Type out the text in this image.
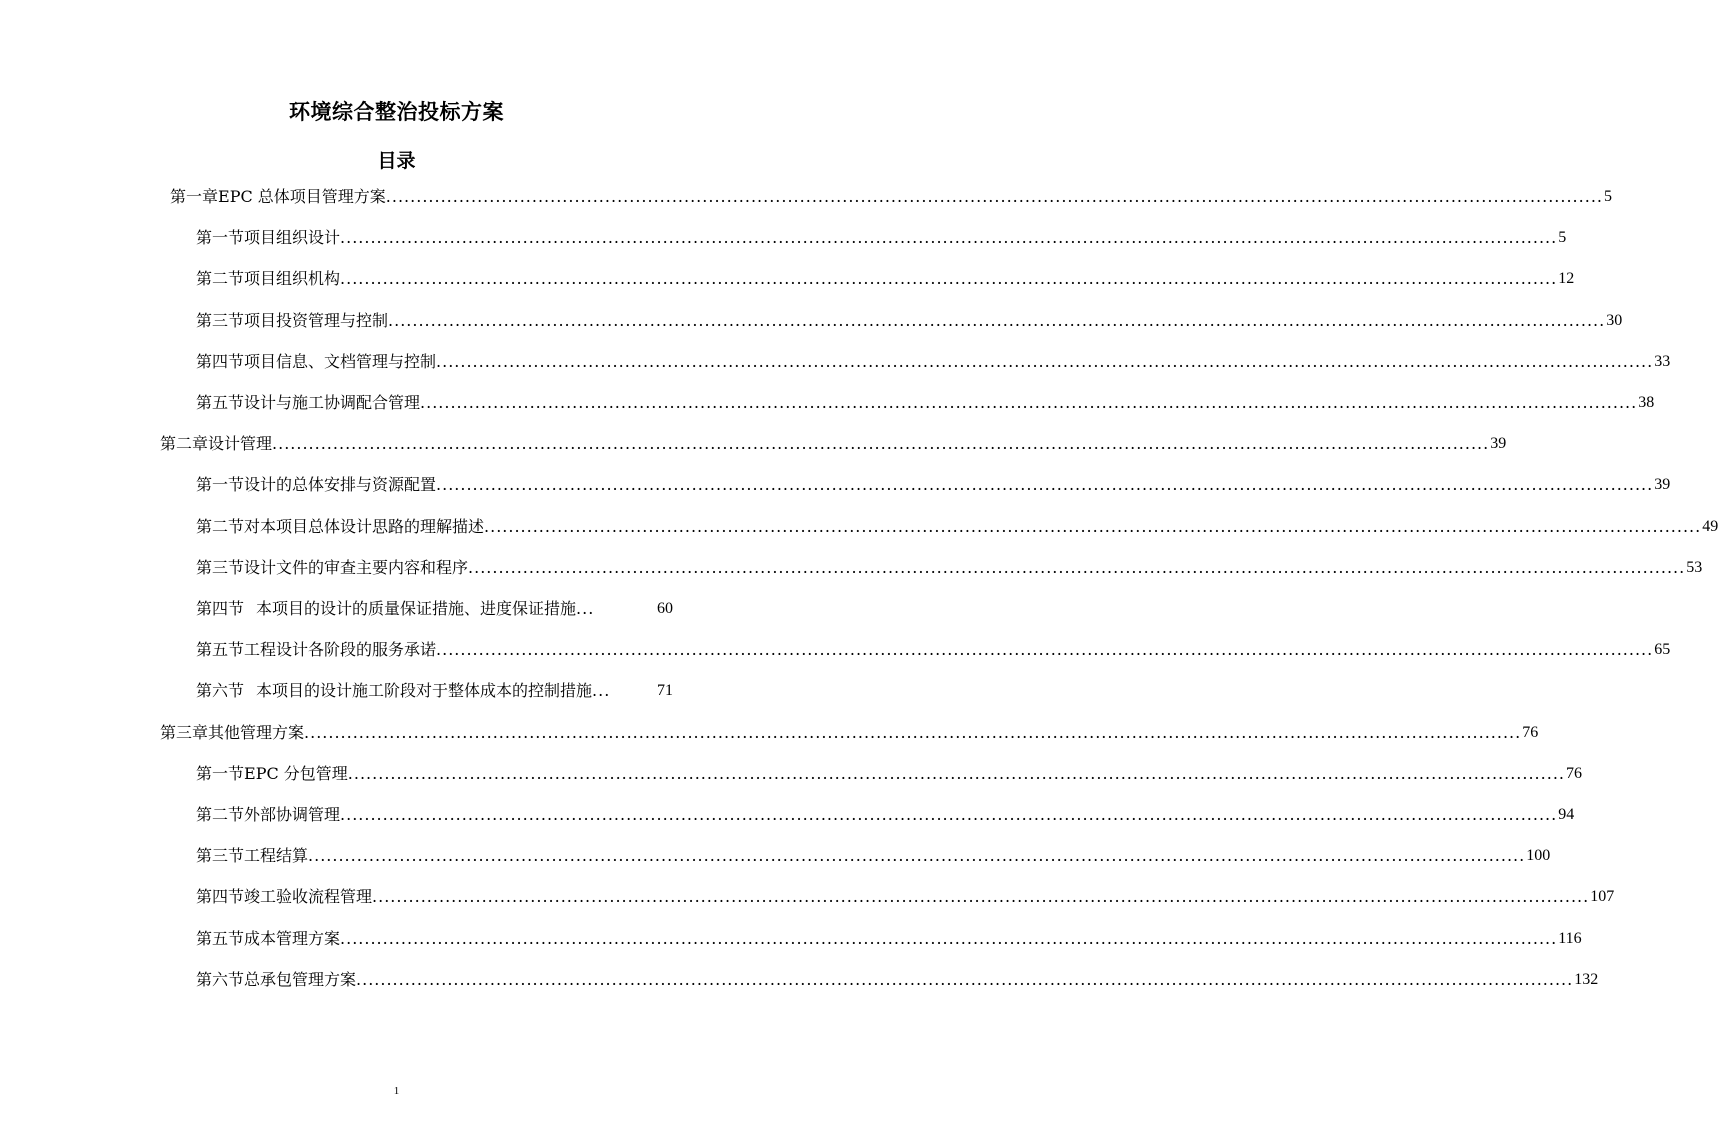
环境综合整治投标方案
目录
第一章 EPC 总体项目管理方案 ........................................................................................................................................................................................................ 5
第一节 项目组织设计 ........................................................................................................................................................................................................ 5
第二节 项目组织机构 ........................................................................................................................................................................................................ 12
第三节 项目投资管理与控制 ........................................................................................................................................................................................................ 30
第四节 项目信息、文档管理与控制 ........................................................................................................................................................................................................ 33
第五节 设计与施工协调配合管理 ........................................................................................................................................................................................................ 38
第二章 设计管理 ........................................................................................................................................................................................................ 39
第一节 设计的总体安排与资源配置 ........................................................................................................................................................................................................ 39
第二节 对本项目总体设计思路的理解描述 ........................................................................................................................................................................................................ 49
第三节 设计文件的审查主要内容和程序 ........................................................................................................................................................................................................ 53
第四节 本项目的设计的质量保证措施、进度保证措施 ...	60
第五节 工程设计各阶段的服务承诺 ........................................................................................................................................................................................................ 65
第六节 本项目的设计施工阶段对于整体成本的控制措施 ...	71
第三章 其他管理方案 ........................................................................................................................................................................................................ 76
第一节 EPC 分包管理 ........................................................................................................................................................................................................ 76
第二节 外部协调管理 ........................................................................................................................................................................................................ 94
第三节 工程结算 ........................................................................................................................................................................................................ 100
第四节 竣工验收流程管理 ........................................................................................................................................................................................................ 107
第五节 成本管理方案 ........................................................................................................................................................................................................ 116
第六节 总承包管理方案 ........................................................................................................................................................................................................ 132
1
